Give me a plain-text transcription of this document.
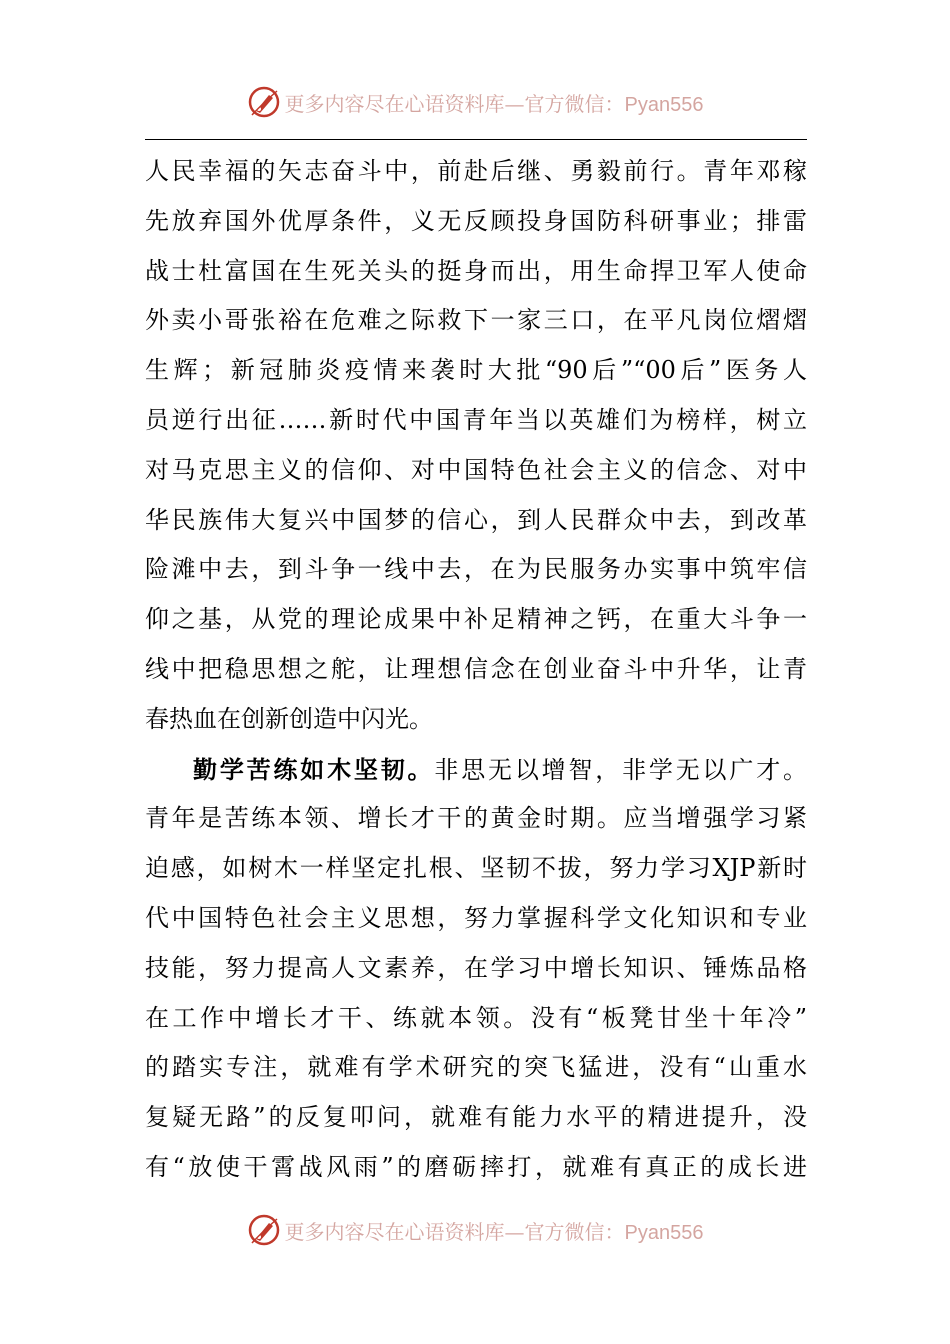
更多内容尽在心语资料库—官方微信：Pyan556
人民幸福的矢志奋斗中，前赴后继、勇毅前行。青年邓稼
先放弃国外优厚条件，义无反顾投身国防科研事业；排雷
战士杜富国在生死关头的挺身而出，用生命捍卫军人使命
外卖小哥张裕在危难之际救下一家三口，在平凡岗位熠熠
生辉；新冠肺炎疫情来袭时大批“90后”“00后”医务人
员逆行出征……新时代中国青年当以英雄们为榜样，树立
对马克思主义的信仰、对中国特色社会主义的信念、对中
华民族伟大复兴中国梦的信心，到人民群众中去，到改革
险滩中去，到斗争一线中去，在为民服务办实事中筑牢信
仰之基，从党的理论成果中补足精神之钙，在重大斗争一
线中把稳思想之舵，让理想信念在创业奋斗中升华，让青
春热血在创新创造中闪光。
勤学苦练如木坚韧。非思无以增智，非学无以广才。
青年是苦练本领、增长才干的黄金时期。应当增强学习紧
迫感，如树木一样坚定扎根、坚韧不拔，努力学习XJP新时
代中国特色社会主义思想，努力掌握科学文化知识和专业
技能，努力提高人文素养，在学习中增长知识、锤炼品格
在工作中增长才干、练就本领。没有“板凳甘坐十年冷”
的踏实专注，就难有学术研究的突飞猛进，没有“山重水
复疑无路”的反复叩问，就难有能力水平的精进提升，没
有“放使干霄战风雨”的磨砺摔打，就难有真正的成长进
更多内容尽在心语资料库—官方微信：Pyan556
